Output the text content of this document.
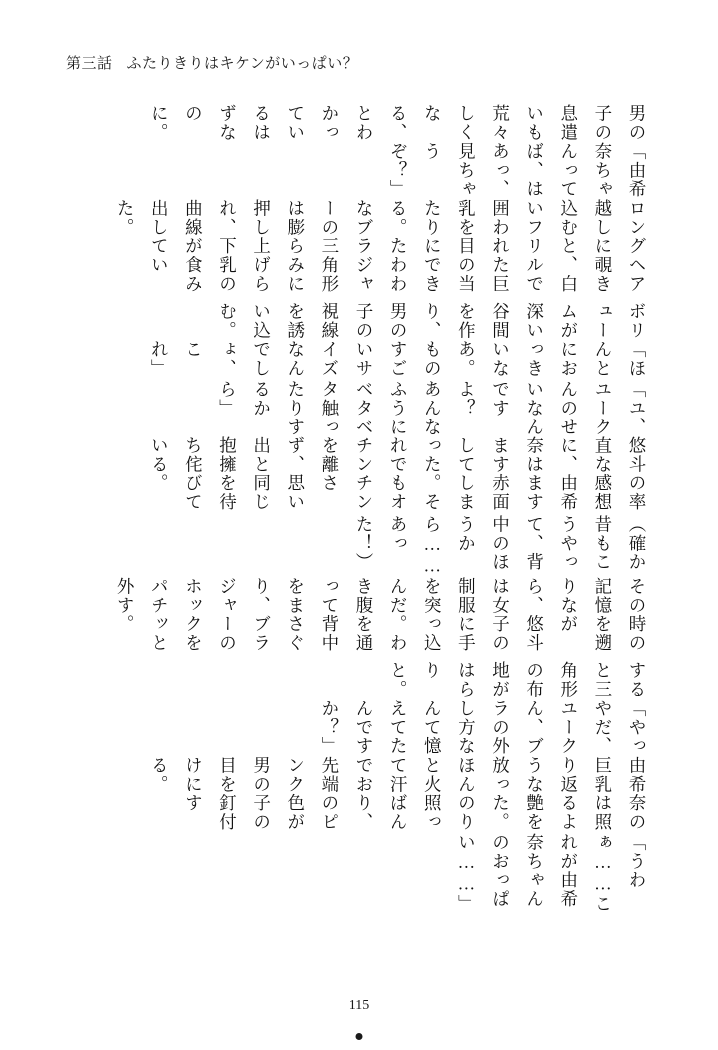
第三話 ふたりきりはキケンがいっぱい？

男の子の息遣いも荒々しくなる、とわかっているはずなのに。

「由希奈ちゃんってば、はあっ、見ちゃうぞ？」

ロングヘア越しに覗き込むと、白いフリルで囲われた巨乳を目の当たりにできる。たわわなブラジャーの三角形は膨らみに押し上げられ、下乳の曲線が食み出していた。

ボリュームが深い谷間を作り、男の子の視線を誘い込む。

「ほんとにおっきいなあ。ものすごいサイズなんでしょ、これ」

「ユ、ユークんのせいなんですよ？　あんなふうにベタベタ触ったりするから」

悠斗の率直な感想に、由希奈はますます赤面してしまった。それでもオチンチンを離さず、思い出と同じ抱擁を待ち侘びている。

（確か昔もこうやって、背中のほうから……あった！）

その時の記憶を遡りながら、悠斗は女子の制服に手を突っ込んだ。わき腹を通って背中をまさぐり、ブラジャーのホックをパチッと外す。

すると三角形の布地がはらりと。

「やっやだ、ユークん、ブラの外し方なんて憶えてたんですか？」

由希奈の巨乳は照り返るような艶を放った。ほんのりと火照って汗ばんでおり、先端のピンク色が男の子の目を釘付けにする。

「うわぁ……これが由希奈ちゃんのおっぱい……」

115
